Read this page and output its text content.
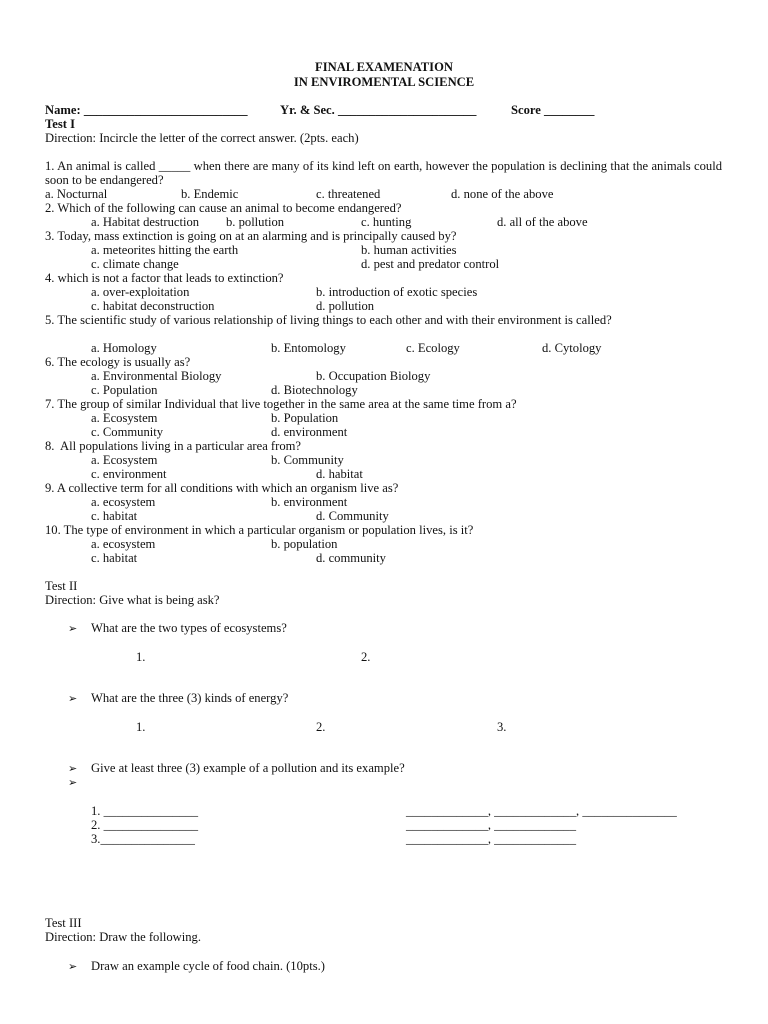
FINAL EXAMENATION
IN ENVIROMENTAL SCIENCE
Name: __________________________	Yr. & Sec. ______________________	Score ________
Test I
Direction: Incircle the letter of the correct answer. (2pts. each)
1. An animal is called _____ when there are many of its kind left on earth, however the population is declining that the animals could soon to be endangered?
a. Nocturnal	b. Endemic	c. threatened	d. none of the above
2. Which of the following can cause an animal to become endangered?
a. Habitat destruction b. pollution	c. hunting	d. all of the above
3. Today, mass extinction is going on at an alarming and is principally caused by?
a. meteorites hitting the earth	b. human activities
c. climate change	d. pest and predator control
4. which is not a factor that leads to extinction?
a. over-exploitation	b. introduction of exotic species
c. habitat deconstruction	d. pollution
5. The scientific study of various relationship of living things to each other and with their environment is called?
a. Homology	b. Entomology	c. Ecology	d. Cytology
6. The ecology is usually as?
a. Environmental Biology	b. Occupation Biology
c. Population	d. Biotechnology
7. The group of similar Individual that live together in the same area at the same time from a?
a. Ecosystem	b. Population
c. Community	d. environment
8.  All populations living in a particular area from?
a. Ecosystem	b. Community
c. environment	d. habitat
9. A collective term for all conditions with which an organism live as?
a. ecosystem	b. environment
c. habitat	d. Community
10. The type of environment in which a particular organism or population lives, is it?
a. ecosystem	b. population
c. habitat	d. community
Test II
Direction: Give what is being ask?
➢ What are the two types of ecosystems?
1.	2.
➢ What are the three (3) kinds of energy?
1.	2.	3.
➢ Give at least three (3) example of a pollution and its example?
➢
1. _______________
2. _______________
3._______________
_____________, _____________, _______________
_____________, _____________
_____________, _____________
Test III
Direction: Draw the following.
➢ Draw an example cycle of food chain. (10pts.)
